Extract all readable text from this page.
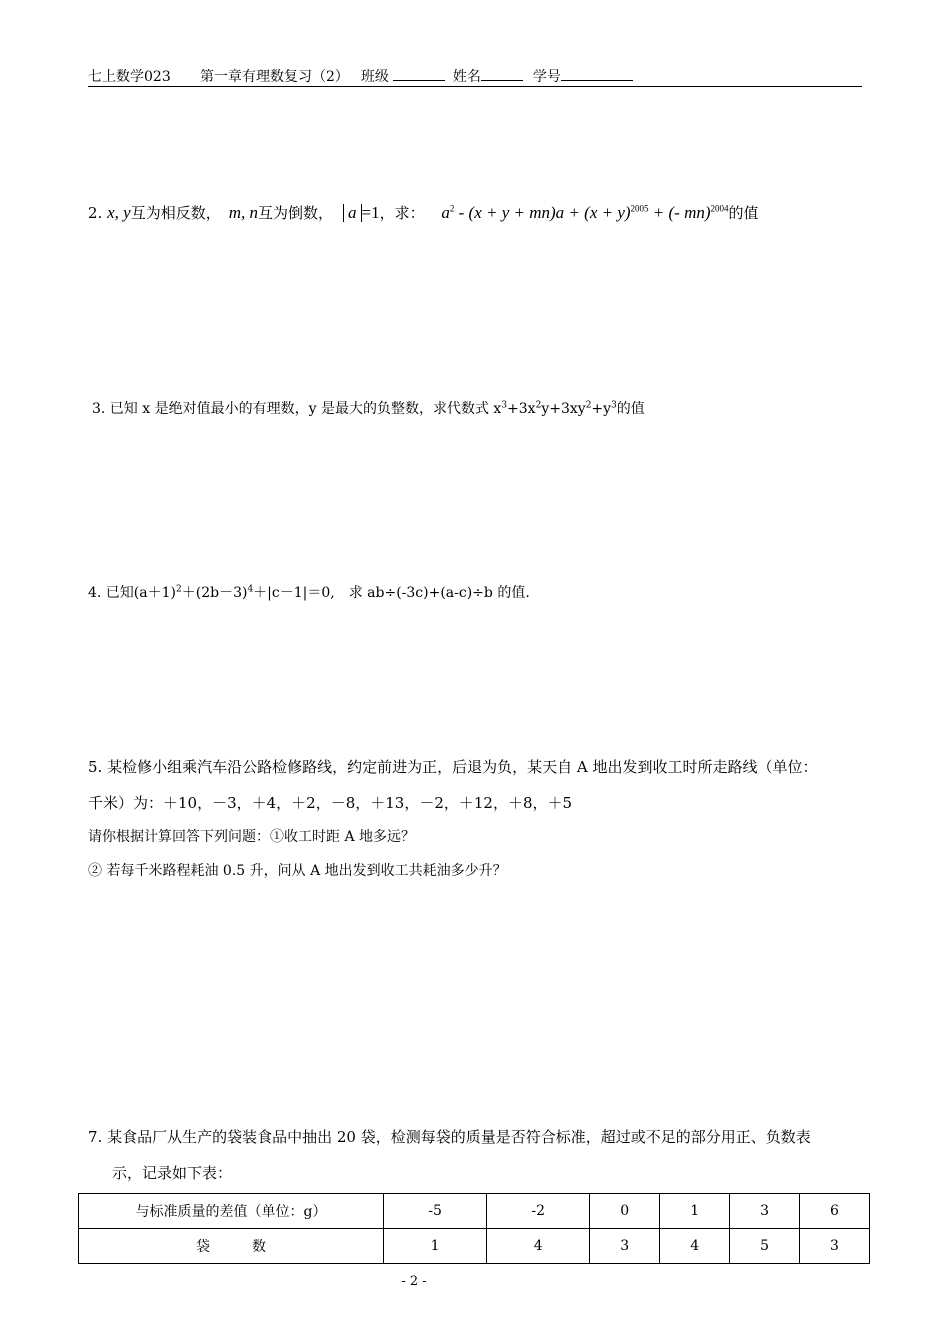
七上数学023 第一章有理数复习（2） 班级	姓名	学号
2. x, y互为相反数， m, n互为倒数， a =1，求： $a^2 - (x + y + mn)a + (x + y)^{2005}$ + (- mn)$^{2004}$的值
3. 已知 x 是绝对值最小的有理数，y 是最大的负整数，求代数式 $x^3+3x^2y+3xy^2+y^3$的值
4. 已知$(a+1)^2+(2b-3)^4+|c-1|=0$,　求 ab÷(-3c)+(a-c)÷b 的值.
5. 某检修小组乘汽车沿公路检修路线，约定前进为正，后退为负，某天自 A 地出发到收工时所走路线（单位：
千米）为：＋10，－3，＋4，＋2，－8，＋13，－2，＋12，＋8，＋5
请你根据计算回答下列问题：①收工时距 A 地多远？
② 若每千米路程耗油 0.5 升，问从 A 地出发到收工共耗油多少升？
7. 某食品厂从生产的袋装食品中抽出 20 袋，检测每袋的质量是否符合标准，超过或不足的部分用正、负数表
示，记录如下表：
与标准质量的差值（单位：g）	-5	-2	0	1	3	6
袋　　　数	1	4	3	4	5	3
- 2 -
